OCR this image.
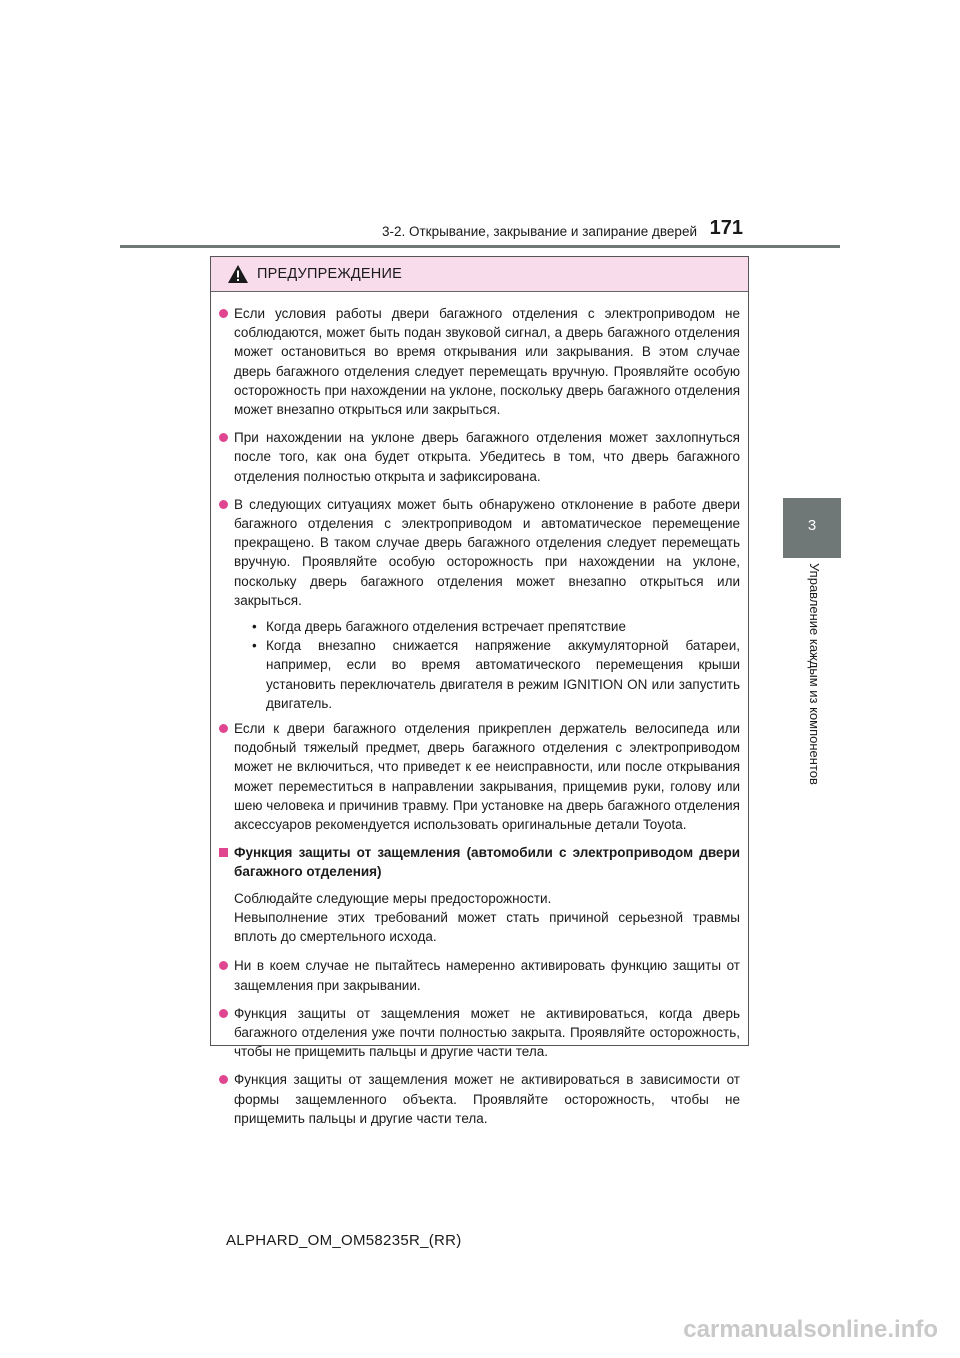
3-2. Открывание, закрывание и запирание дверей 171
3
Управление каждым из компонентов
ПРЕДУПРЕЖДЕНИЕ
Если условия работы двери багажного отделения с электроприводом не соблюдаются, может быть подан звуковой сигнал, а дверь багажного отделения может остановиться во время открывания или закрывания. В этом случае дверь багажного отделения следует перемещать вручную. Проявляйте особую осторожность при нахождении на уклоне, поскольку дверь багажного отделения может внезапно открыться или закрыться.
При нахождении на уклоне дверь багажного отделения может захлопнуться после того, как она будет открыта. Убедитесь в том, что дверь багажного отделения полностью открыта и зафиксирована.
В следующих ситуациях может быть обнаружено отклонение в работе двери багажного отделения с электроприводом и автоматическое перемещение прекращено. В таком случае дверь багажного отделения следует перемещать вручную. Проявляйте особую осторожность при нахождении на уклоне, поскольку дверь багажного отделения может внезапно открыться или закрыться.
• Когда дверь багажного отделения встречает препятствие
• Когда внезапно снижается напряжение аккумуляторной батареи, например, если во время автоматического перемещения крыши установить переключатель двигателя в режим IGNITION ON или запустить двигатель.
Если к двери багажного отделения прикреплен держатель велосипеда или подобный тяжелый предмет, дверь багажного отделения с электроприводом может не включиться, что приведет к ее неисправности, или после открывания может переместиться в направлении закрывания, прищемив руки, голову или шею человека и причинив травму. При установке на дверь багажного отделения аксессуаров рекомендуется использовать оригинальные детали Toyota.
Функция защиты от защемления (автомобили с электроприводом двери багажного отделения)
Соблюдайте следующие меры предосторожности.
Невыполнение этих требований может стать причиной серьезной травмы вплоть до смертельного исхода.
Ни в коем случае не пытайтесь намеренно активировать функцию защиты от защемления при закрывании.
Функция защиты от защемления может не активироваться, когда дверь багажного отделения уже почти полностью закрыта. Проявляйте осторожность, чтобы не прищемить пальцы и другие части тела.
Функция защиты от защемления может не активироваться в зависимости от формы защемленного объекта. Проявляйте осторожность, чтобы не прищемить пальцы и другие части тела.
ALPHARD_OM_OM58235R_(RR)
carmanualsonline.info
